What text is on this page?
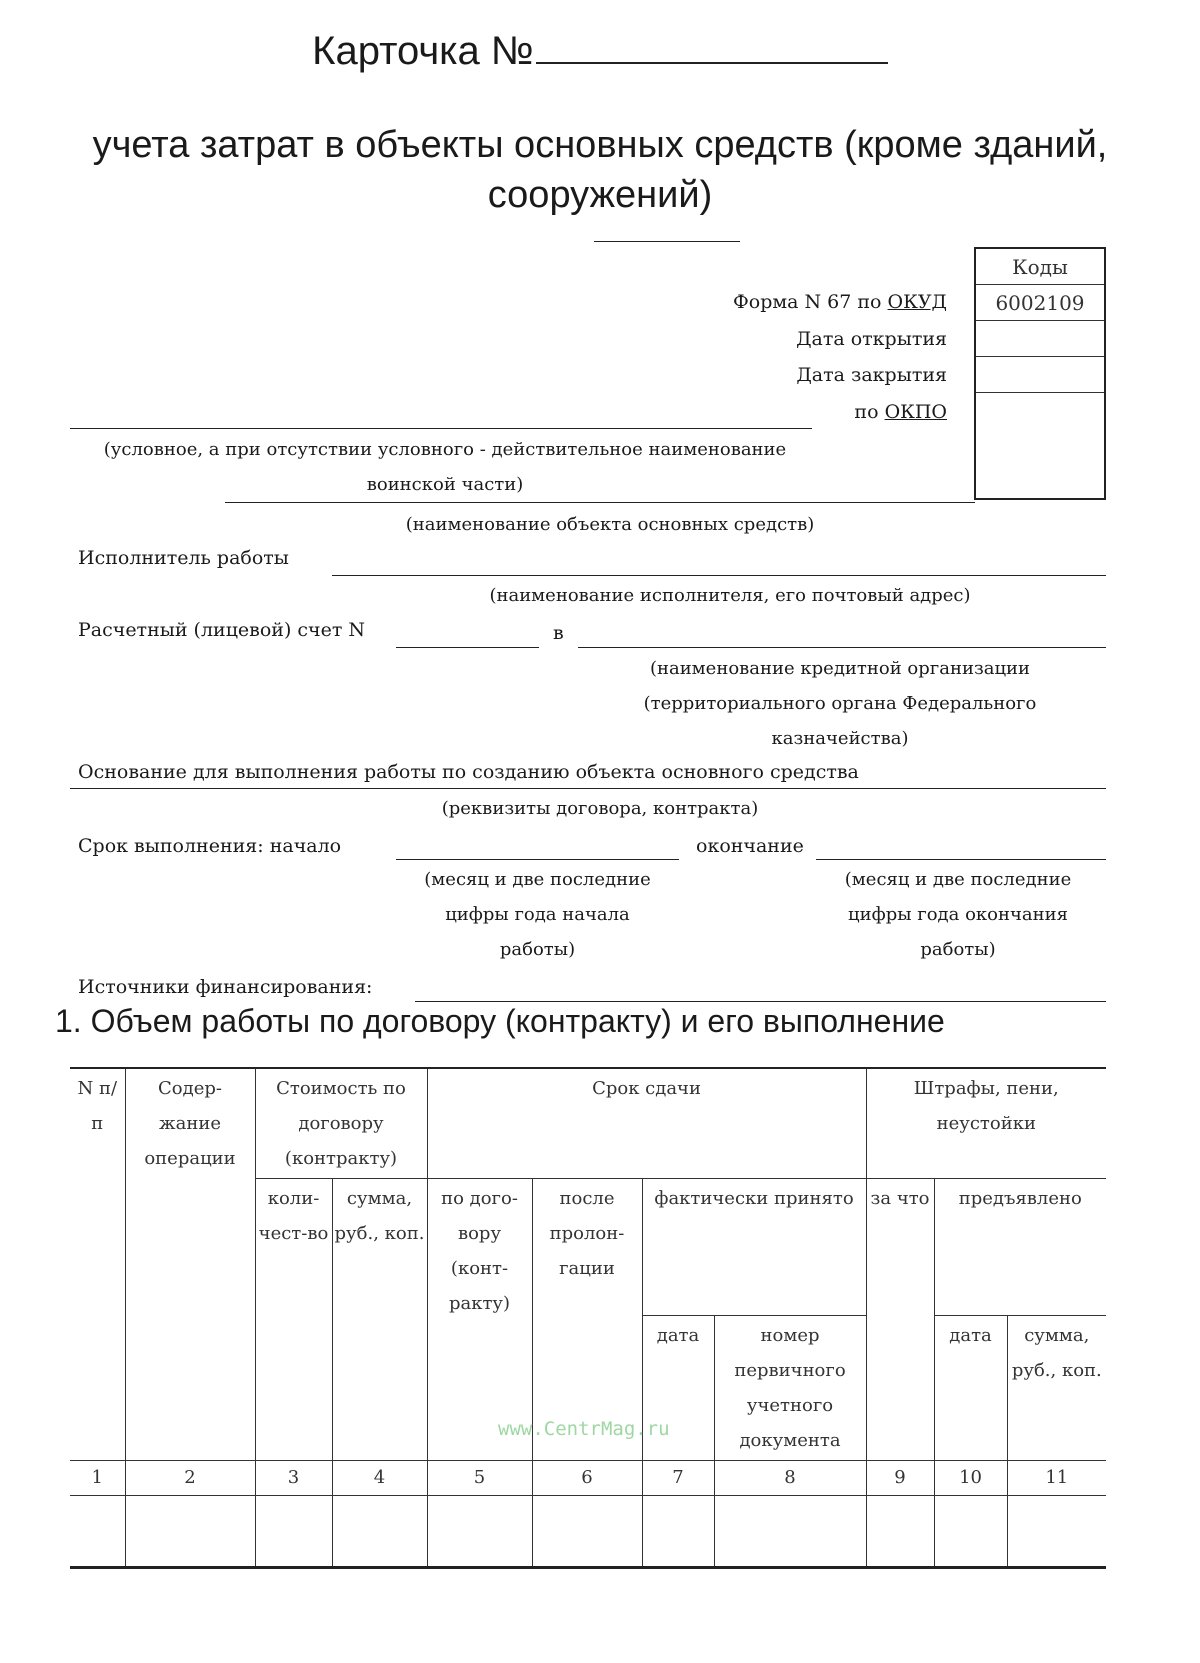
Карточка №
учета затрат в объекты основных средств (кроме зданий, сооружений)
Коды
6002109

Форма N 67 по ОКУД
Дата открытия
Дата закрытия
по ОКПО
(условное, а при отсутствии условного - действительное наименование воинской части)
(наименование объекта основных средств)
Исполнитель работы
(наименование исполнителя, его почтовый адрес)
Расчетный (лицевой) счет N	в
(наименование кредитной организации (территориального органа Федерального казначейства)
Основание для выполнения работы по созданию объекта основного средства
(реквизиты договора, контракта)
Срок выполнения: начало	окончание
(месяц и две последние цифры года начала работы)
(месяц и две последние цифры года окончания работы)
Источники финансирования:
1. Объем работы по договору (контракту) и его выполнение
N п/п	Содер-жание операции	Стоимость по договору (контракту)		Срок сдачи				Штрафы, пени, неустойки		
		коли-чест-во	сумма, руб., коп.	по дого-вору (конт-ракту)	после пролон-гации	фактически принято		за что	предъявлено	
						дата	номер первичного учетного документа		дата	сумма, руб., коп.
1	2	3	4	5	6	7	8	9	10	11

www.CentrMag.ru
